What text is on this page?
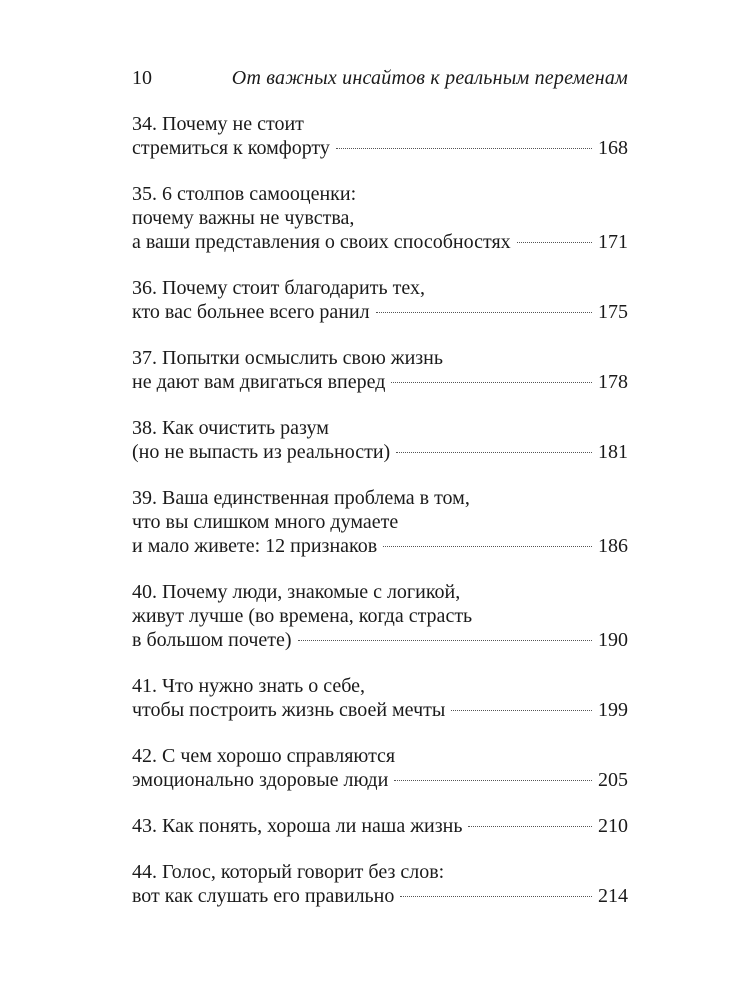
10	От важных инсайтов к реальным переменам
34. Почему не стоит
стремиться к комфорту	168
35. 6 столпов самооценки:
почему важны не чувства,
а ваши представления о своих способностях	171
36. Почему стоит благодарить тех,
кто вас больнее всего ранил	175
37. Попытки осмыслить свою жизнь
не дают вам двигаться вперед	178
38. Как очистить разум
(но не выпасть из реальности)	181
39. Ваша единственная проблема в том,
что вы слишком много думаете
и мало живете: 12 признаков	186
40. Почему люди, знакомые с логикой,
живут лучше (во времена, когда страсть
в большом почете)	190
41. Что нужно знать о себе,
чтобы построить жизнь своей мечты	199
42. С чем хорошо справляются
эмоционально здоровые люди	205
43. Как понять, хороша ли наша жизнь	210
44. Голос, который говорит без слов:
вот как слушать его правильно	214
